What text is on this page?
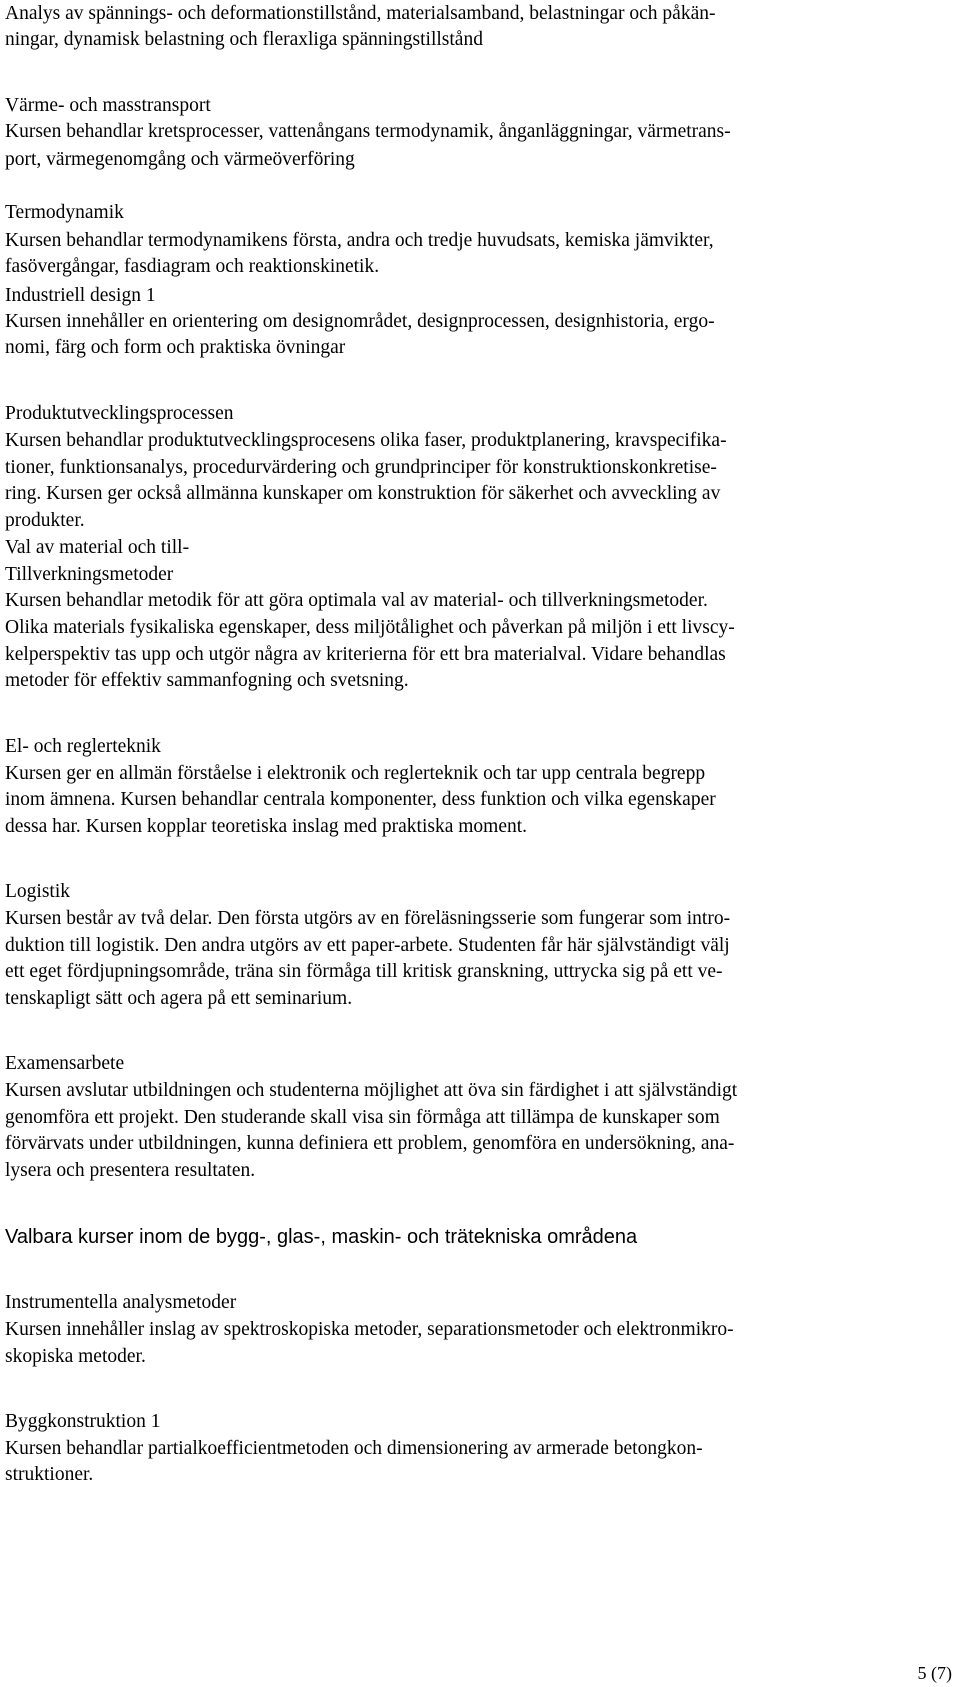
Analys av spännings- och deformationstillstånd, materialsamband, belastningar och påkän-

ningar, dynamisk belastning och fleraxliga spänningstillstånd

Värme- och masstransport

Kursen behandlar kretsprocesser, vattenångans termodynamik, ånganläggningar, värmetrans-

port, värmegenomgång och värmeöverföring

Termodynamik

Kursen behandlar termodynamikens första, andra och tredje huvudsats, kemiska jämvikter,

fasövergångar, fasdiagram och reaktionskinetik.

Industriell design 1

Kursen innehåller en orientering om designområdet, designprocessen, designhistoria, ergo-

nomi, färg och form och praktiska övningar

Produktutvecklingsprocessen

Kursen behandlar produktutvecklingsprocesens olika faser, produktplanering, kravspecifika-

tioner, funktionsanalys, procedurvärdering och grundprinciper för konstruktionskonkretise-

ring. Kursen ger också allmänna kunskaper om konstruktion för säkerhet och avveckling av

produkter.

Val av material och till-

Tillverkningsmetoder

Kursen behandlar metodik för att göra optimala val av material- och tillverkningsmetoder.

Olika materials fysikaliska egenskaper, dess miljötålighet och påverkan på miljön i ett livscy-

kelperspektiv tas upp och utgör några av kriterierna för ett bra materialval. Vidare behandlas

metoder för effektiv sammanfogning och svetsning.

El- och reglerteknik

Kursen ger en allmän förståelse i elektronik och reglerteknik och tar upp centrala begrepp

inom ämnena. Kursen behandlar centrala komponenter, dess funktion och vilka egenskaper

dessa har. Kursen kopplar teoretiska inslag med praktiska moment.

Logistik

Kursen består av två delar. Den första utgörs av en föreläsningsserie som fungerar som intro-

duktion till logistik. Den andra utgörs av ett paper-arbete. Studenten får här självständigt välj

ett eget fördjupningsområde, träna sin förmåga till kritisk granskning, uttrycka sig på ett ve-

tenskapligt sätt och agera på ett seminarium.

Examensarbete

Kursen avslutar utbildningen och studenterna möjlighet att öva sin färdighet i att självständigt

genomföra ett projekt. Den studerande skall visa sin förmåga att tillämpa de kunskaper som

förvärvats under utbildningen, kunna definiera ett problem, genomföra en undersökning, ana-

lysera och presentera resultaten.

Valbara kurser inom de bygg-, glas-, maskin- och trätekniska områdena

Instrumentella analysmetoder

Kursen innehåller inslag av spektroskopiska metoder, separationsmetoder och elektronmikro-

skopiska metoder.

Byggkonstruktion 1

Kursen behandlar partialkoefficientmetoden och dimensionering av armerade betongkon-

struktioner.

5 (7)
